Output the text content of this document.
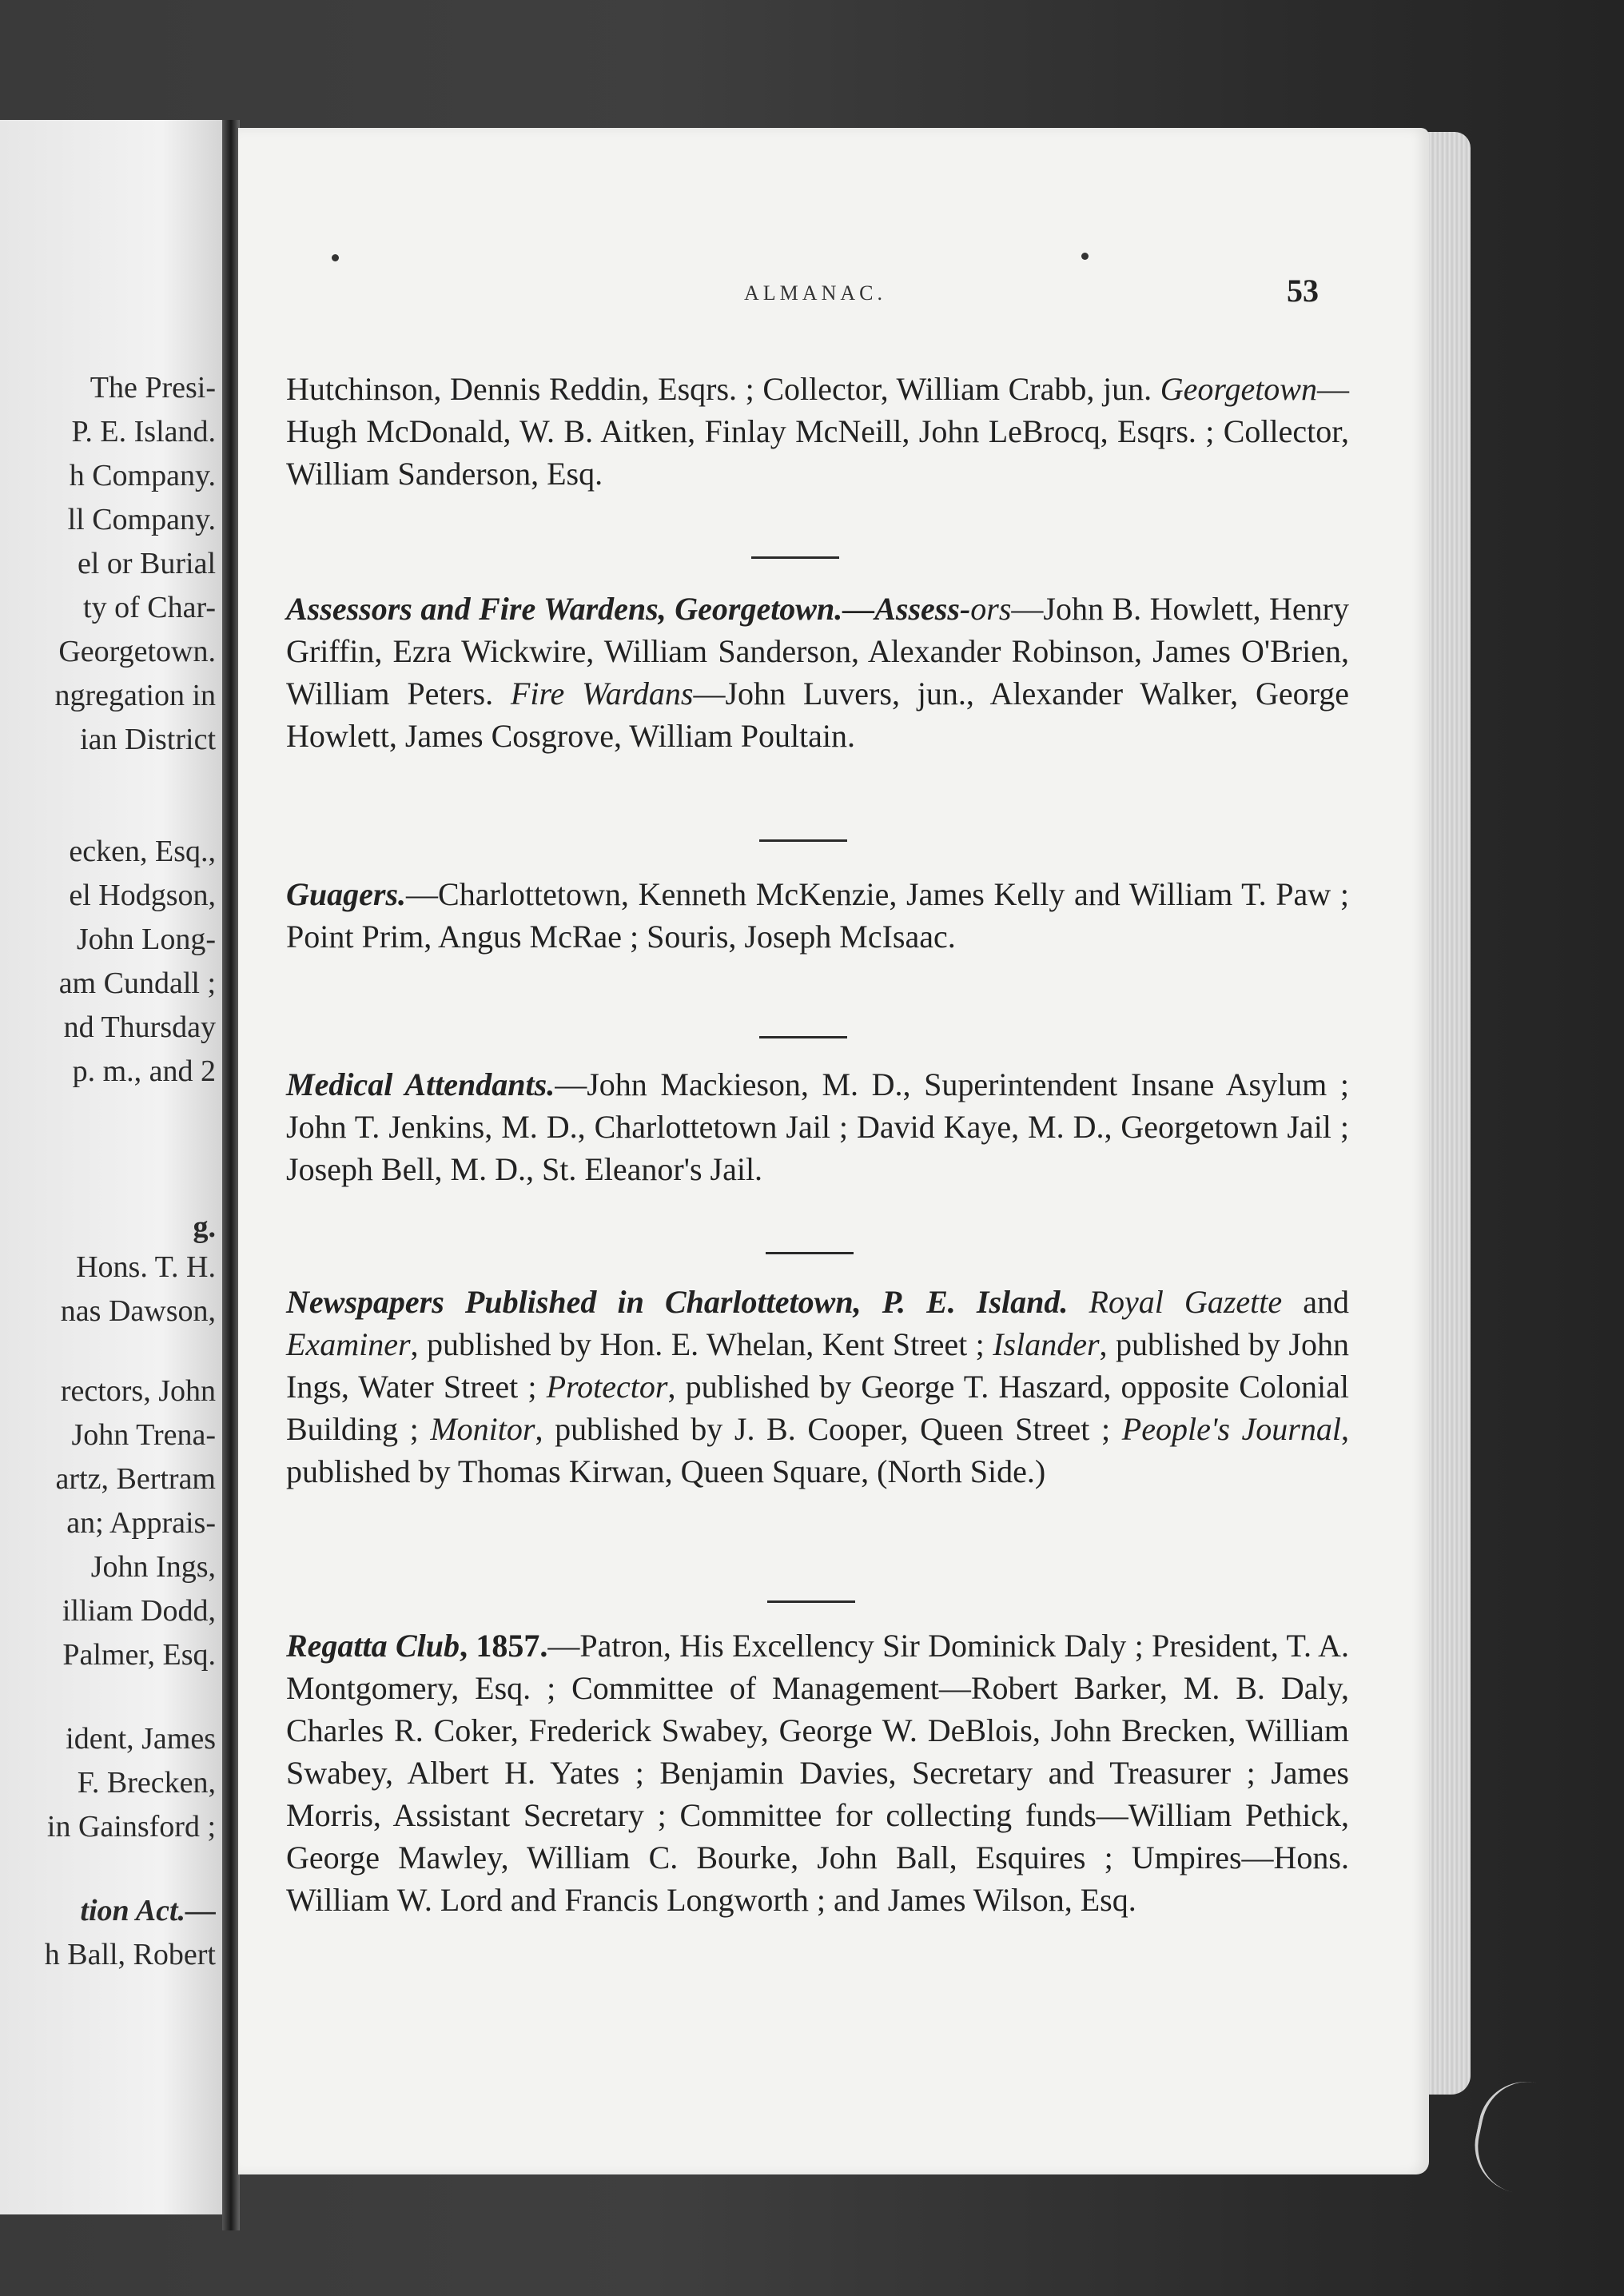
The Presi-
P. E. Island.
h Company.
ll Company.
el or Burial
ty of Char-
Georgetown.
ngregation in
ian District
ecken, Esq.,
el Hodgson,
John Long-
am Cundall ;
nd Thursday
p. m., and 2
g.
Hons. T. H.
nas Dawson,
rectors, John
John Trena-
artz, Bertram
an; Apprais-
John Ings,
illiam Dodd,
Palmer, Esq.
ident, James
F. Brecken,
in Gainsford ;
tion Act.—
h Ball, Robert
ALMANAC.	53
Hutchinson, Dennis Reddin, Esqrs. ; Collector, William Crabb, jun. Georgetown—Hugh McDonald, W. B. Aitken, Finlay McNeill, John LeBrocq, Esqrs. ; Collector, William Sanderson, Esq.
Assessors and Fire Wardens, Georgetown.—Assess-ors—John B. Howlett, Henry Griffin, Ezra Wickwire, William Sanderson, Alexander Robinson, James O'Brien, William Peters. Fire Wardans—John Luvers, jun., Alexander Walker, George Howlett, James Cosgrove, William Poultain.
Guagers.—Charlottetown, Kenneth McKenzie, James Kelly and William T. Paw ; Point Prim, Angus McRae ; Souris, Joseph McIsaac.
Medical Attendants.—John Mackieson, M. D., Superintendent Insane Asylum ; John T. Jenkins, M. D., Charlottetown Jail ; David Kaye, M. D., Georgetown Jail ; Joseph Bell, M. D., St. Eleanor's Jail.
Newspapers Published in Charlottetown, P. E. Island. Royal Gazette and Examiner, published by Hon. E. Whelan, Kent Street ; Islander, published by John Ings, Water Street ; Protector, published by George T. Haszard, opposite Colonial Building ; Monitor, published by J. B. Cooper, Queen Street ; People's Journal, published by Thomas Kirwan, Queen Square, (North Side.)
Regatta Club, 1857.—Patron, His Excellency Sir Dominick Daly ; President, T. A. Montgomery, Esq. ; Committee of Management—Robert Barker, M. B. Daly, Charles R. Coker, Frederick Swabey, George W. DeBlois, John Brecken, William Swabey, Albert H. Yates ; Benjamin Davies, Secretary and Treasurer ; James Morris, Assistant Secretary ; Committee for collecting funds—William Pethick, George Mawley, William C. Bourke, John Ball, Esquires ; Umpires—Hons. William W. Lord and Francis Longworth ; and James Wilson, Esq.
